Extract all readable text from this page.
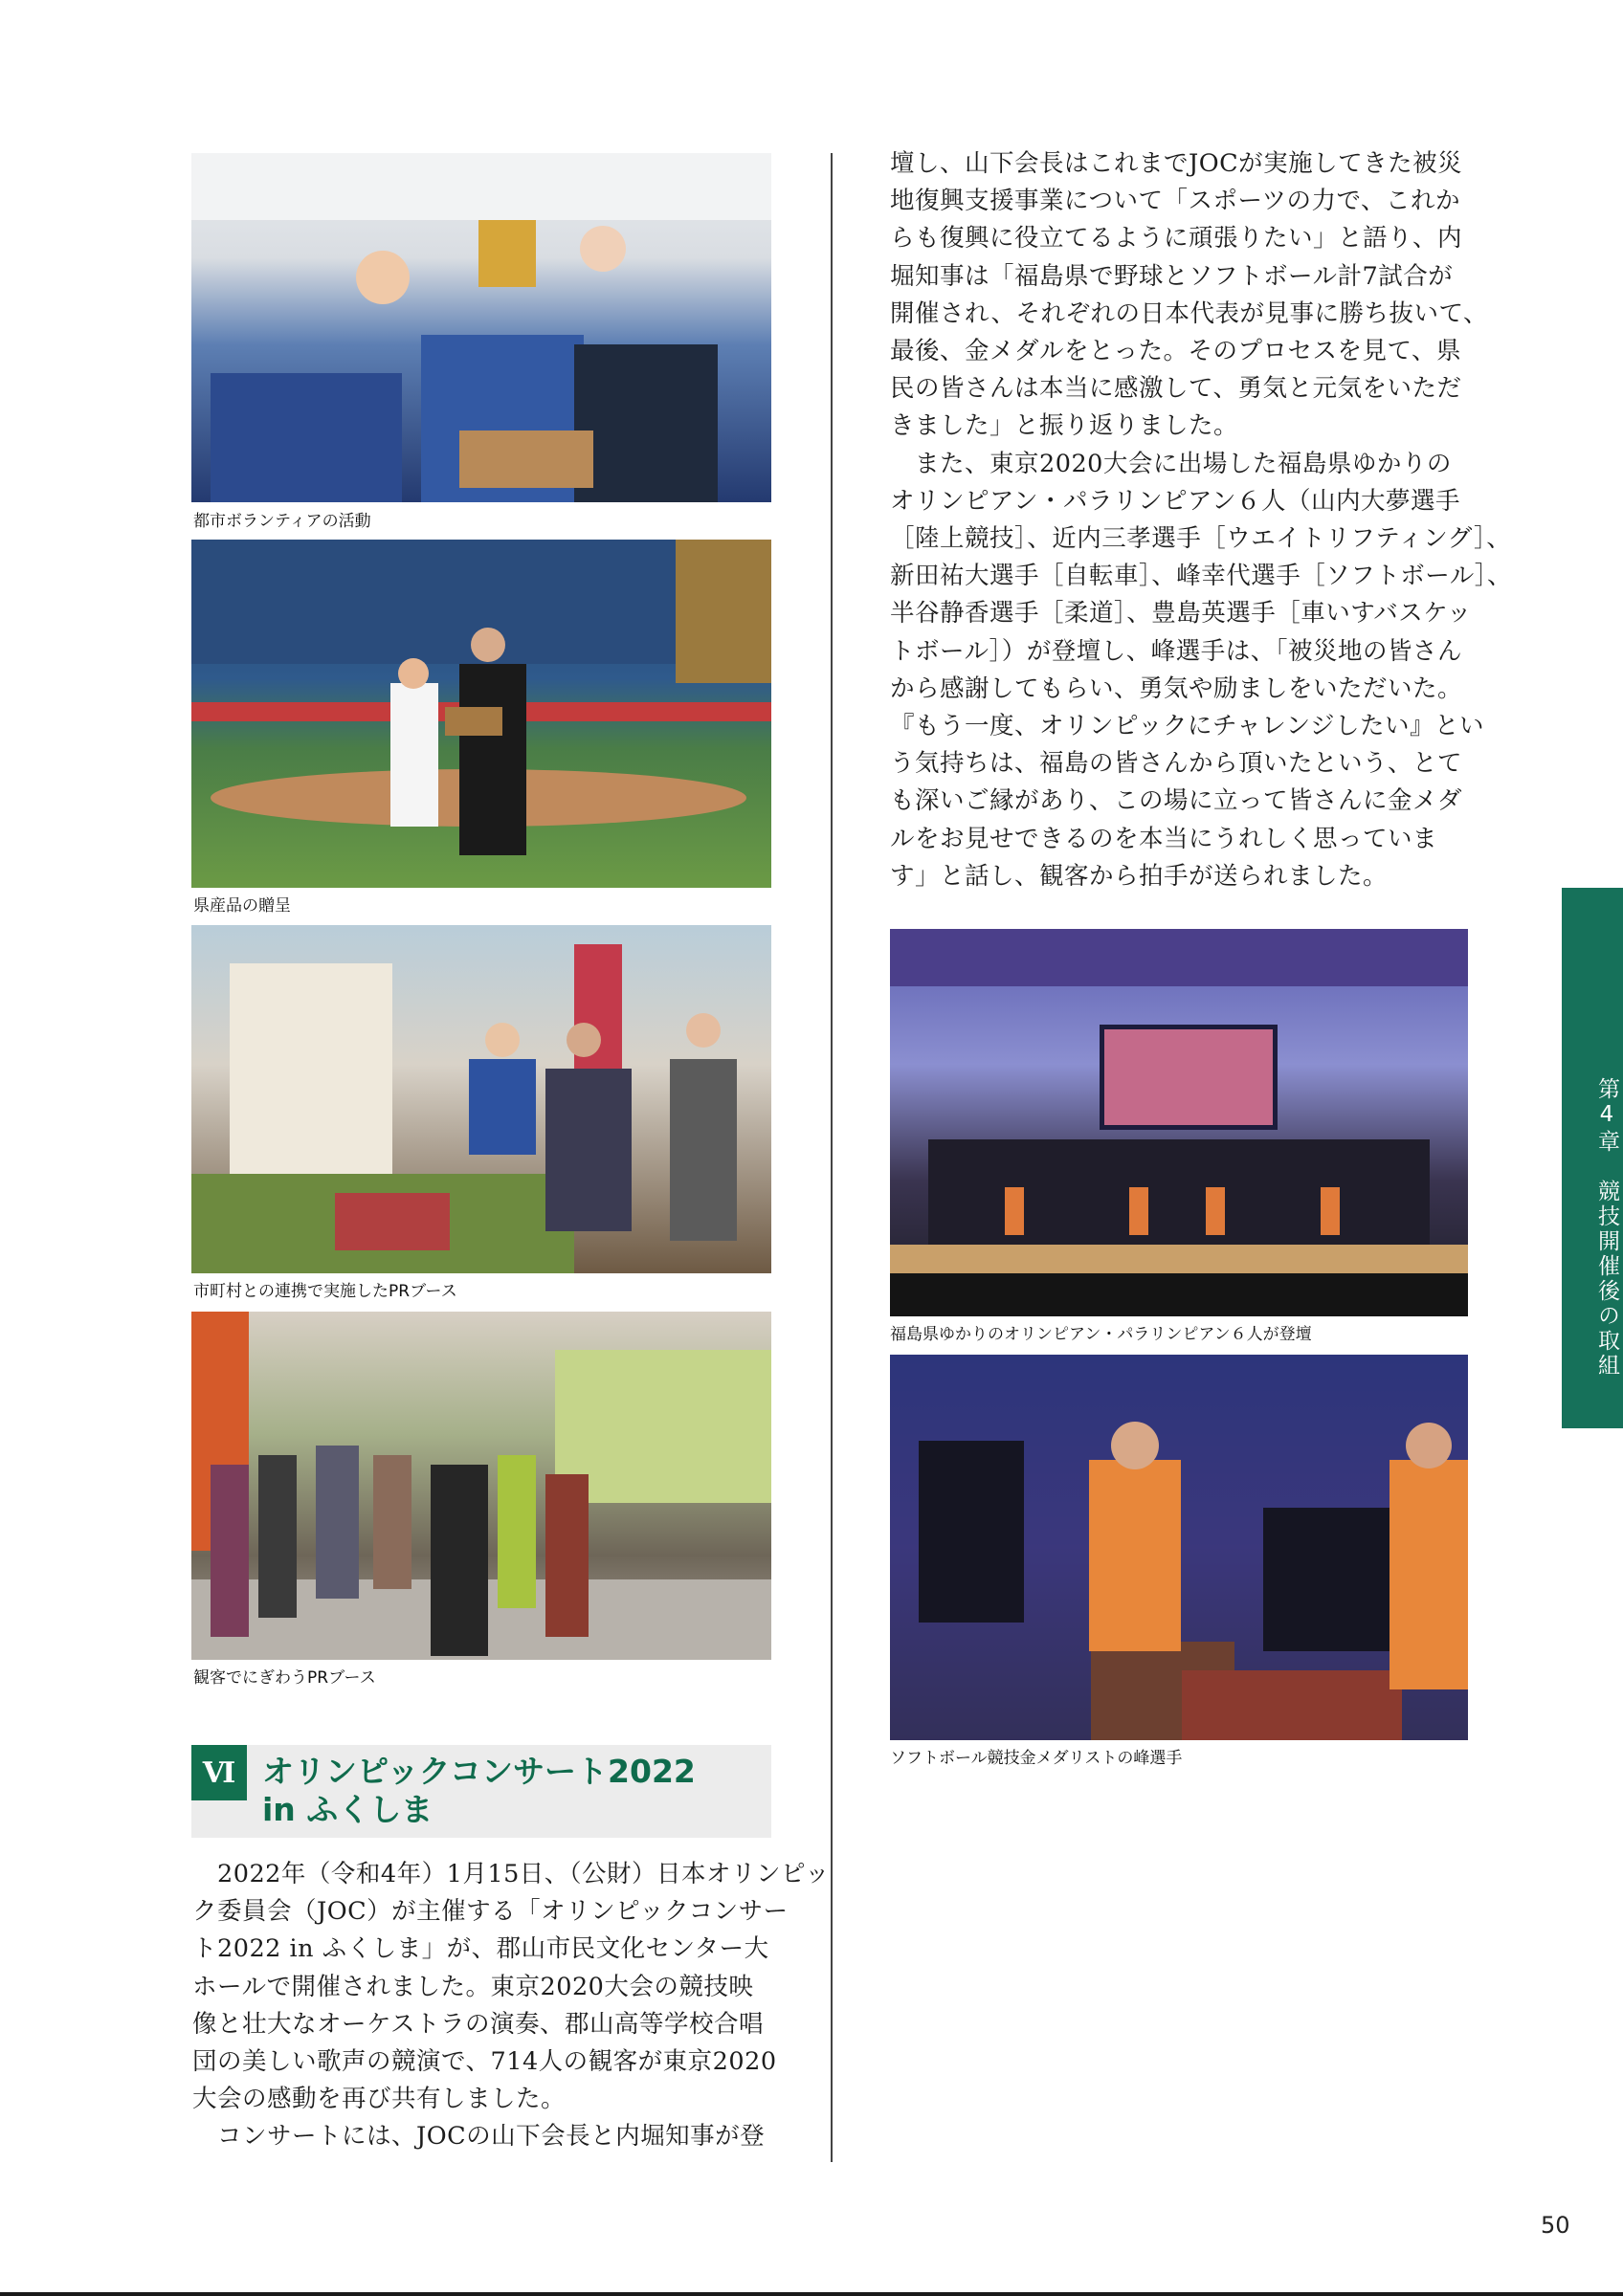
都市ボランティアの活動
県産品の贈呈
市町村との連携で実施したPRブース
観客でにぎわうPRブース
Ⅵ オリンピックコンサート2022
in ふくしま

　2022年（令和4年）1月15日、（公財）日本オリンピッ

ク委員会（JOC）が主催する「オリンピックコンサー

ト2022 in ふくしま」が、郡山市民文化センター大

ホールで開催されました。東京2020大会の競技映

像と壮大なオーケストラの演奏、郡山高等学校合唱

団の美しい歌声の競演で、714人の観客が東京2020

大会の感動を再び共有しました。

　コンサートには、JOCの山下会長と内堀知事が登

壇し、山下会長はこれまでJOCが実施してきた被災

地復興支援事業について「スポーツの力で、これか

らも復興に役立てるように頑張りたい」と語り、内

堀知事は「福島県で野球とソフトボール計7試合が

開催され、それぞれの日本代表が見事に勝ち抜いて、

最後、金メダルをとった。そのプロセスを見て、県

民の皆さんは本当に感激して、勇気と元気をいただ

きました」と振り返りました。

　また、東京2020大会に出場した福島県ゆかりの

オリンピアン・パラリンピアン６人（山内大夢選手

［陸上競技］、近内三孝選手［ウエイトリフティング］、

新田祐大選手［自転車］、峰幸代選手［ソフトボール］、

半谷静香選手［柔道］、豊島英選手［車いすバスケッ

トボール］）が登壇し、峰選手は、「被災地の皆さん

から感謝してもらい、勇気や励ましをいただいた。

『もう一度、オリンピックにチャレンジしたい』とい

う気持ちは、福島の皆さんから頂いたという、とて

も深いご縁があり、この場に立って皆さんに金メダ

ルをお見せできるのを本当にうれしく思っていま

す」と話し、観客から拍手が送られました。

福島県ゆかりのオリンピアン・パラリンピアン６人が登壇
ソフトボール競技金メダリストの峰選手
第4章　競技開催後の取組
50
